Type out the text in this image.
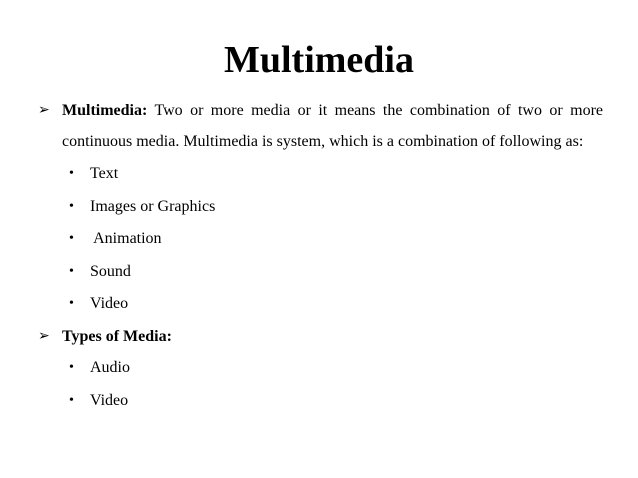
Multimedia

➢ Multimedia: Two or more media or it means the combination of two or more continuous media. Multimedia is system, which is a combination of following as:

• Text
• Images or Graphics
• Animation
• Sound
• Video

➢ Types of Media:

• Audio
• Video
